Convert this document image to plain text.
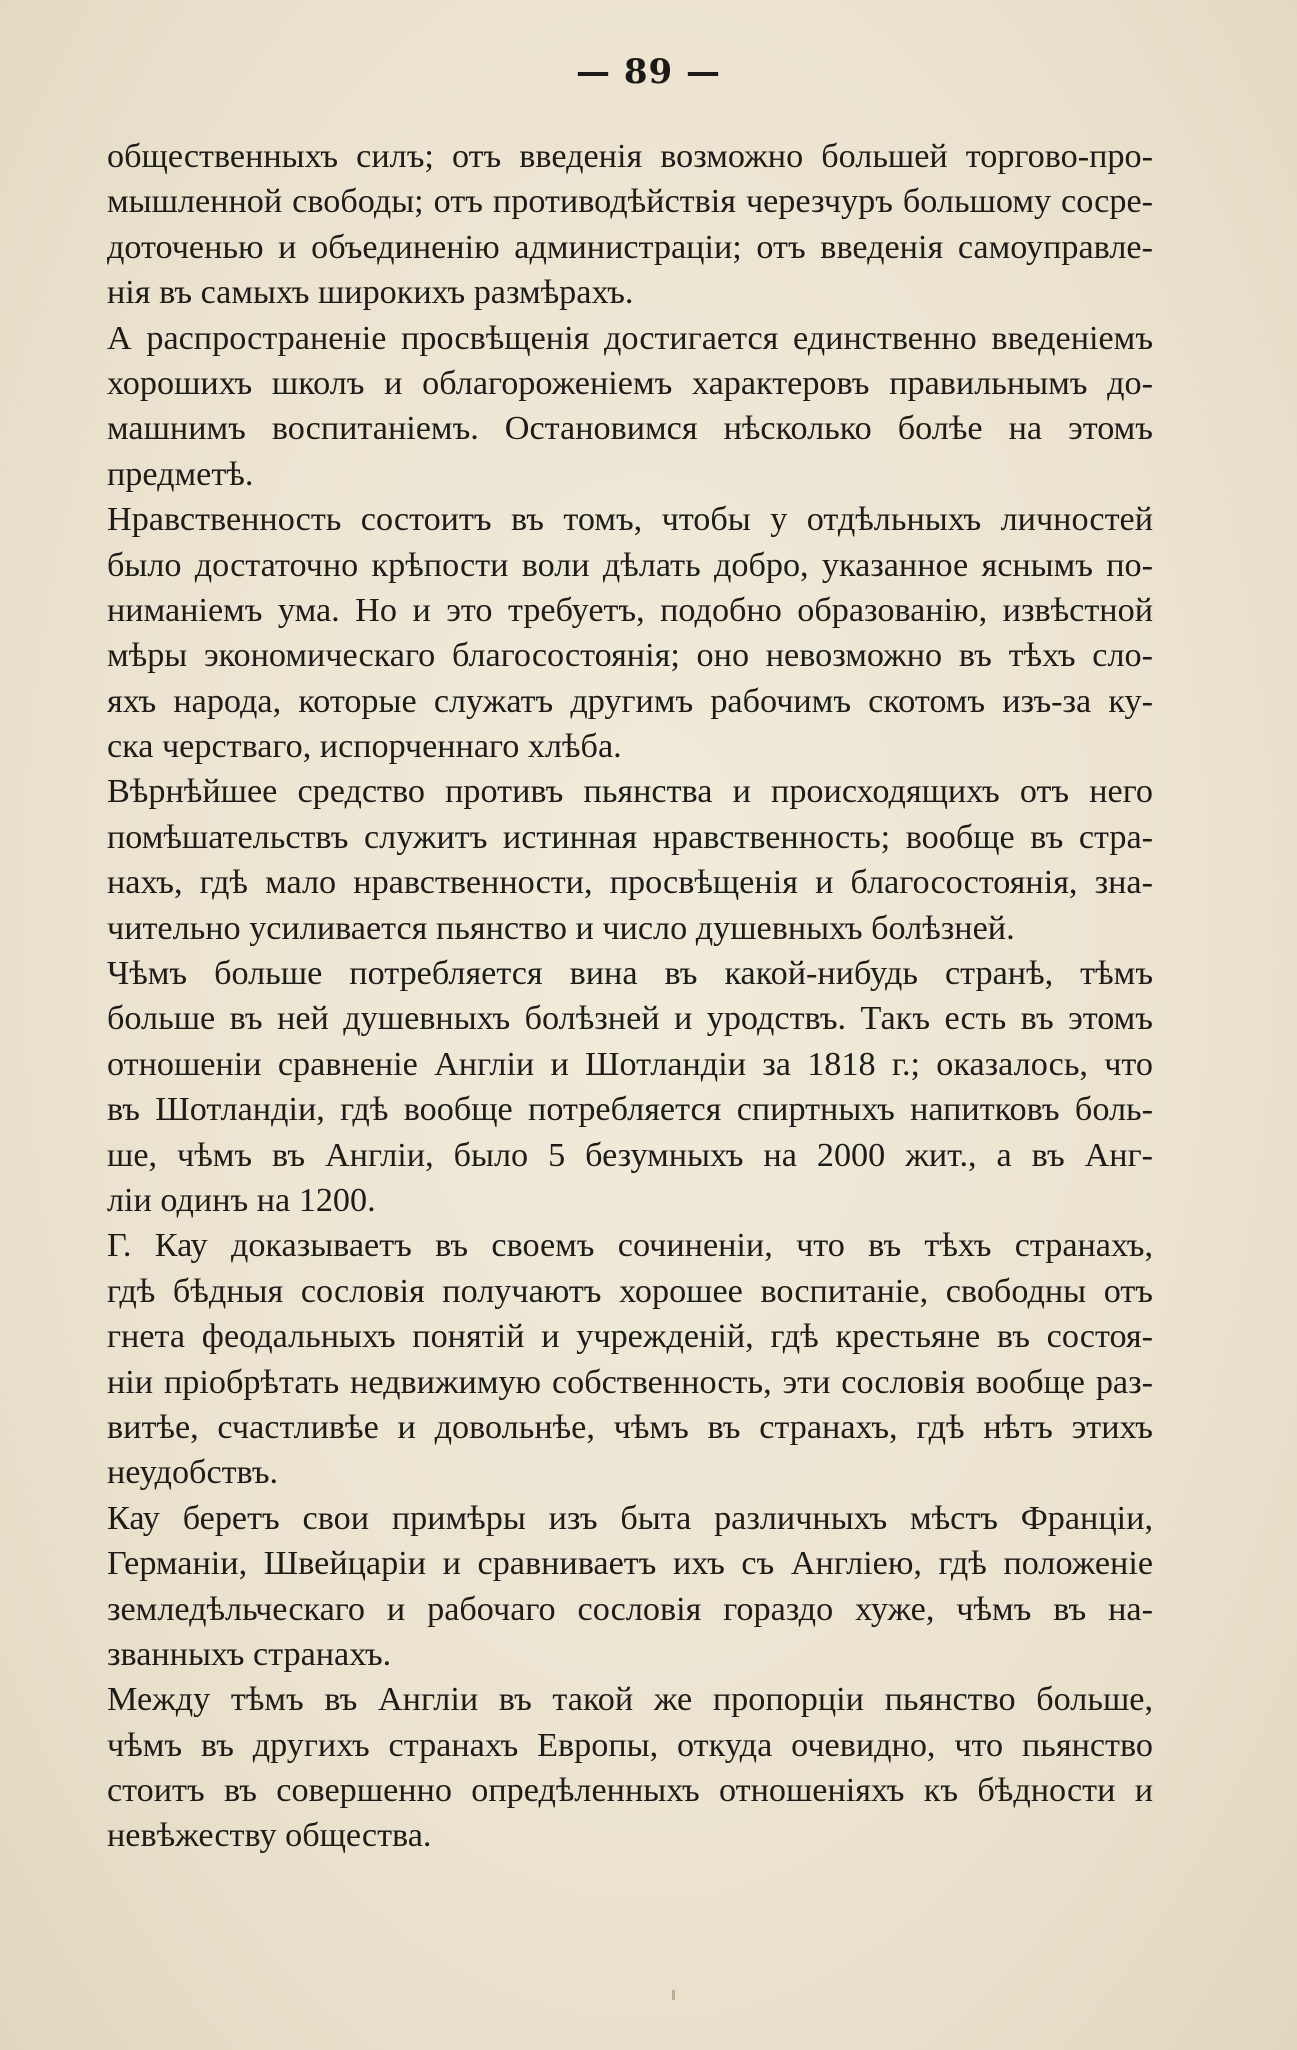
— 89 —
общественныхъ силъ; отъ введенія возможно большей торгово-про-
мышленной свободы; отъ противодѣйствія черезчуръ большому сосре-
доточенью и объединенію администраціи; отъ введенія самоуправле-
нія въ самыхъ широкихъ размѣрахъ.
А распространеніе просвѣщенія достигается единственно введеніемъ
хорошихъ школъ и облагороженіемъ характеровъ правильнымъ до-
машнимъ воспитаніемъ. Остановимся нѣсколько болѣе на этомъ
предметѣ.
Нравственность состоитъ въ томъ, чтобы у отдѣльныхъ личностей
было достаточно крѣпости воли дѣлать добро, указанное яснымъ по-
ниманіемъ ума. Но и это требуетъ, подобно образованію, извѣстной
мѣры экономическаго благосостоянія; оно невозможно въ тѣхъ сло-
яхъ народа, которые служатъ другимъ рабочимъ скотомъ изъ-за ку-
ска черстваго, испорченнаго хлѣба.
Вѣрнѣйшее средство противъ пьянства и происходящихъ отъ него
помѣшательствъ служитъ истинная нравственность; вообще въ стра-
нахъ, гдѣ мало нравственности, просвѣщенія и благосостоянія, зна-
чительно усиливается пьянство и число душевныхъ болѣзней.
Чѣмъ больше потребляется вина въ какой-нибудь странѣ, тѣмъ
больше въ ней душевныхъ болѣзней и уродствъ. Такъ есть въ этомъ
отношеніи сравненіе Англіи и Шотландіи за 1818 г.; оказалось, что
въ Шотландіи, гдѣ вообще потребляется спиртныхъ напитковъ боль-
ше, чѣмъ въ Англіи, было 5 безумныхъ на 2000 жит., а въ Анг-
ліи одинъ на 1200.
Г. Кау доказываетъ въ своемъ сочиненіи, что въ тѣхъ странахъ,
гдѣ бѣдныя сословія получаютъ хорошее воспитаніе, свободны отъ
гнета феодальныхъ понятій и учрежденій, гдѣ крестьяне въ состоя-
ніи пріобрѣтать недвижимую собственность, эти сословія вообще раз-
витѣе, счастливѣе и довольнѣе, чѣмъ въ странахъ, гдѣ нѣтъ этихъ
неудобствъ.
Кау беретъ свои примѣры изъ быта различныхъ мѣстъ Франціи,
Германіи, Швейцаріи и сравниваетъ ихъ съ Англіею, гдѣ положеніе
земледѣльческаго и рабочаго сословія гораздо хуже, чѣмъ въ на-
званныхъ странахъ.
Между тѣмъ въ Англіи въ такой же пропорціи пьянство больше,
чѣмъ въ другихъ странахъ Европы, откуда очевидно, что пьянство
стоитъ въ совершенно опредѣленныхъ отношеніяхъ къ бѣдности и
невѣжеству общества.
